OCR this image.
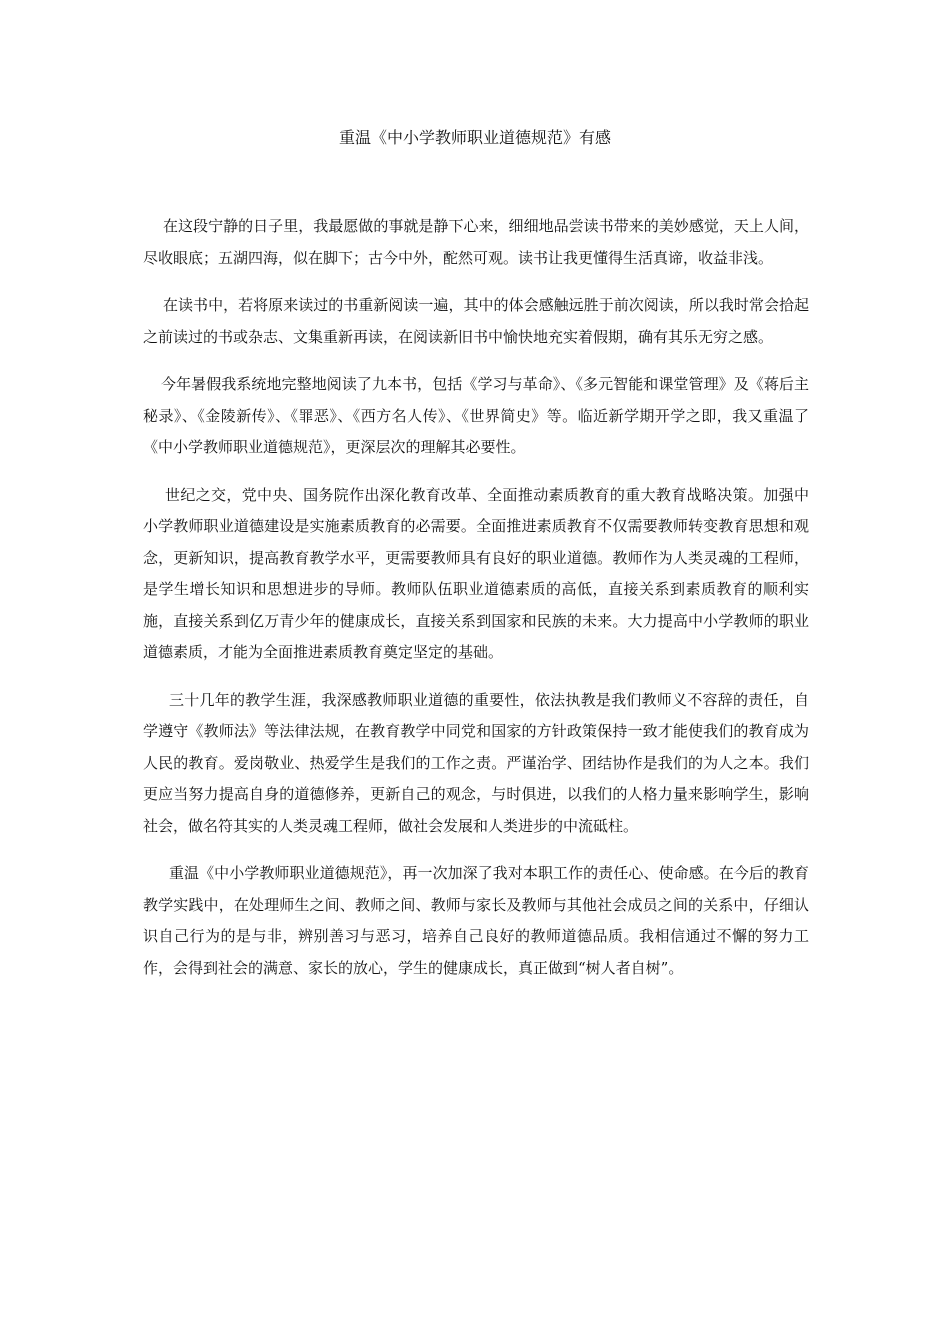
重温《中小学教师职业道德规范》有感

在这段宁静的日子里，我最愿做的事就是静下心来，细细地品尝读书带来的美妙感觉，天上人间，尽收眼底；五湖四海，似在脚下；古今中外，酡然可观。读书让我更懂得生活真谛，收益非浅。

在读书中，若将原来读过的书重新阅读一遍，其中的体会感触远胜于前次阅读，所以我时常会拾起之前读过的书或杂志、文集重新再读，在阅读新旧书中愉快地充实着假期，确有其乐无穷之感。

今年暑假我系统地完整地阅读了九本书，包括《学习与革命》、《多元智能和课堂管理》及《蒋后主秘录》、《金陵新传》、《罪恶》、《西方名人传》、《世界简史》等。临近新学期开学之即，我又重温了《中小学教师职业道德规范》，更深层次的理解其必要性。

世纪之交，党中央、国务院作出深化教育改革、全面推动素质教育的重大教育战略决策。加强中小学教师职业道德建设是实施素质教育的必需要。全面推进素质教育不仅需要教师转变教育思想和观念，更新知识，提高教育教学水平，更需要教师具有良好的职业道德。教师作为人类灵魂的工程师，是学生增长知识和思想进步的导师。教师队伍职业道德素质的高低，直接关系到素质教育的顺利实施，直接关系到亿万青少年的健康成长，直接关系到国家和民族的未来。大力提高中小学教师的职业道德素质，才能为全面推进素质教育奠定坚定的基础。

三十几年的教学生涯，我深感教师职业道德的重要性，依法执教是我们教师义不容辞的责任，自学遵守《教师法》等法律法规，在教育教学中同党和国家的方针政策保持一致才能使我们的教育成为人民的教育。爱岗敬业、热爱学生是我们的工作之责。严谨治学、团结协作是我们的为人之本。我们更应当努力提高自身的道德修养，更新自己的观念，与时俱进，以我们的人格力量来影响学生，影响社会，做名符其实的人类灵魂工程师，做社会发展和人类进步的中流砥柱。

重温《中小学教师职业道德规范》，再一次加深了我对本职工作的责任心、使命感。在今后的教育教学实践中，在处理师生之间、教师之间、教师与家长及教师与其他社会成员之间的关系中，仔细认识自己行为的是与非，辨别善习与恶习，培养自己良好的教师道德品质。我相信通过不懈的努力工作，会得到社会的满意、家长的放心，学生的健康成长，真正做到“树人者自树”。
